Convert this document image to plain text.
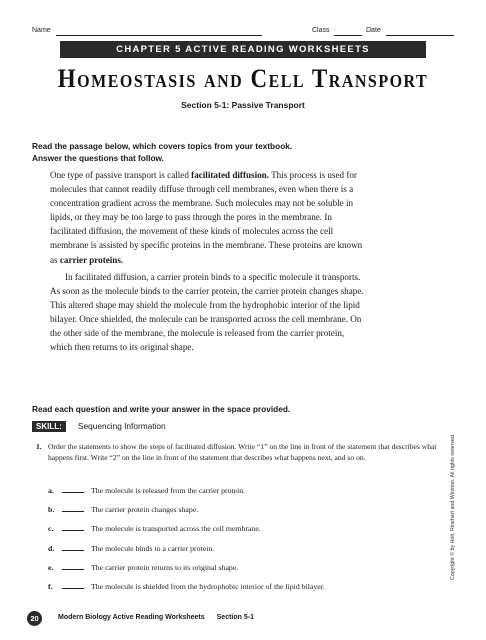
Name	Class	Date
CHAPTER 5 ACTIVE READING WORKSHEETS
Homeostasis and Cell Transport
Section 5-1: Passive Transport
Read the passage below, which covers topics from your textbook.
Answer the questions that follow.

One type of passive transport is called facilitated diffusion. This process is used for molecules that cannot readily diffuse through cell membranes, even when there is a concentration gradient across the membrane. Such molecules may not be soluble in lipids, or they may be too large to pass through the pores in the membrane. In facilitated diffusion, the movement of these kinds of molecules across the cell membrane is assisted by specific proteins in the membrane. These proteins are known as carrier proteins.

In facilitated diffusion, a carrier protein binds to a specific molecule it transports. As soon as the molecule binds to the carrier protein, the carrier protein changes shape. This altered shape may shield the molecule from the hydrophobic interior of the lipid bilayer. Once shielded, the molecule can be transported across the cell membrane. On the other side of the membrane, the molecule is released from the carrier protein, which then returns to its original shape.

Read each question and write your answer in the space provided.
SKILL:	Sequencing Information
1. Order the statements to show the steps of facilitated diffusion. Write “1” on the line in front of the statement that describes what happens first. Write “2” on the line in front of the statement that describes what happens next, and so on.
a.	The molecule is released from the carrier protein.
b.	The carrier protein changes shape.
c.	The molecule is transported across the cell membrane.
d.	The molecule binds to a carrier protein.
e.	The carrier protein returns to its original shape.
f.	The molecule is shielded from the hydrophobic interior of the lipid bilayer.
Copyright © by Holt, Rinehart and Winston. All rights reserved.
20	Modern Biology Active Reading Worksheets Section 5-1
